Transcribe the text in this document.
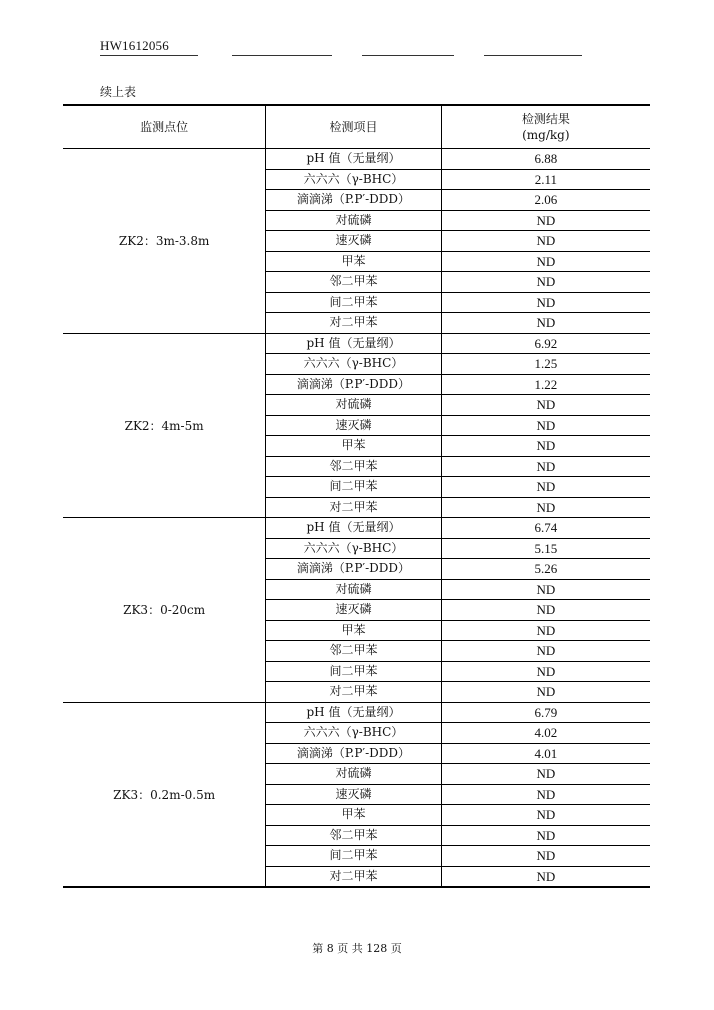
HW1612056
续上表
监测点位	检测项目	检测结果
(mg/kg)

ZK2：3m-3.8m	pH 值（无量纲）	6.88
	六六六（γ-BHC）	2.11
	滴滴涕（P.P′-DDD）	2.06
	对硫磷	ND
	速灭磷	ND
	甲苯	ND
	邻二甲苯	ND
	间二甲苯	ND
	对二甲苯	ND
ZK2：4m-5m	pH 值（无量纲）	6.92
	六六六（γ-BHC）	1.25
	滴滴涕（P.P′-DDD）	1.22
	对硫磷	ND
	速灭磷	ND
	甲苯	ND
	邻二甲苯	ND
	间二甲苯	ND
	对二甲苯	ND
ZK3：0-20cm	pH 值（无量纲）	6.74
	六六六（γ-BHC）	5.15
	滴滴涕（P.P′-DDD）	5.26
	对硫磷	ND
	速灭磷	ND
	甲苯	ND
	邻二甲苯	ND
	间二甲苯	ND
	对二甲苯	ND
ZK3：0.2m-0.5m	pH 值（无量纲）	6.79
	六六六（γ-BHC）	4.02
	滴滴涕（P.P′-DDD）	4.01
	对硫磷	ND
	速灭磷	ND
	甲苯	ND
	邻二甲苯	ND
	间二甲苯	ND
	对二甲苯	ND
第 8 页 共 128 页
